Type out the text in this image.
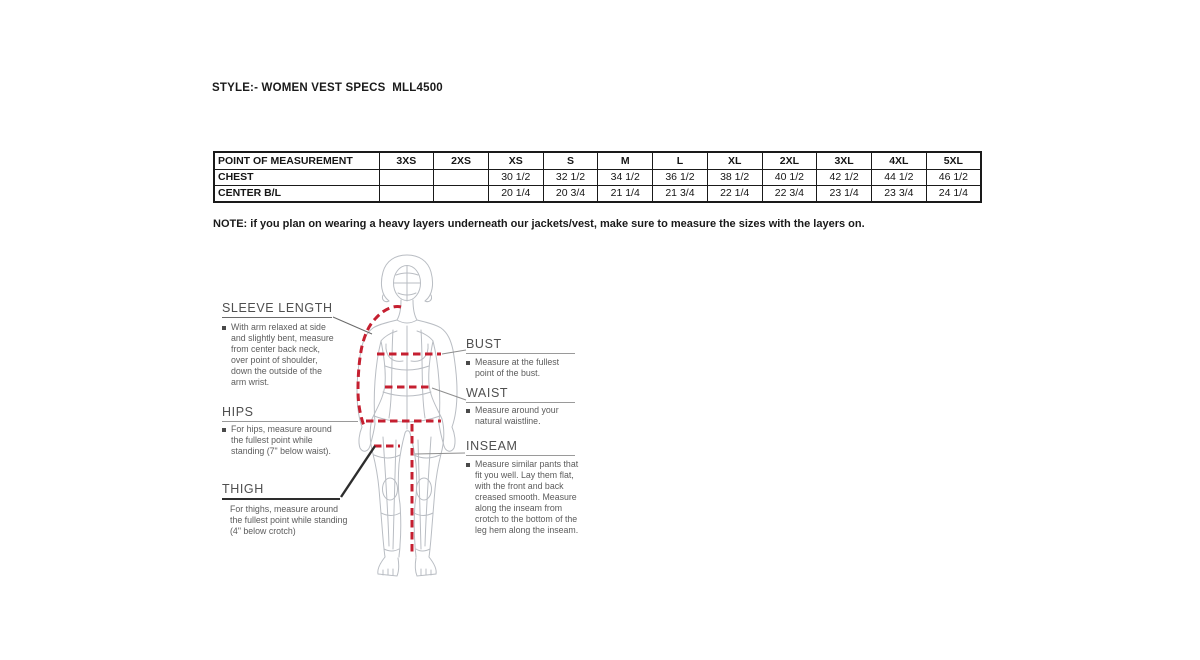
STYLE:- WOMEN VEST SPECS  MLL4500
POINT OF MEASUREMENT	3XS	2XS	XS	S	M	L	XL	2XL	3XL	4XL	5XL
CHEST			30 1/2	32 1/2	34 1/2	36 1/2	38 1/2	40 1/2	42 1/2	44 1/2	46 1/2
CENTER B/L			20 1/4	20 3/4	21 1/4	21 3/4	22 1/4	22 3/4	23 1/4	23 3/4	24 1/4
NOTE: if you plan on wearing a heavy layers underneath our jackets/vest, make sure to measure the sizes with the layers on.
SLEEVE LENGTH
With arm relaxed at side and slightly bent, measure from center back neck, over point of shoulder, down the outside of the arm wrist.
HIPS
For hips, measure around the fullest point while standing (7" below waist).
THIGH
For thighs, measure around the fullest point while standing (4" below crotch)
BUST
Measure at the fullest point of the bust.
WAIST
Measure around your natural waistline.
INSEAM
Measure similar pants that fit you well. Lay them flat, with the front and back creased smooth. Measure along the inseam from crotch to the bottom of the leg hem along the inseam.
